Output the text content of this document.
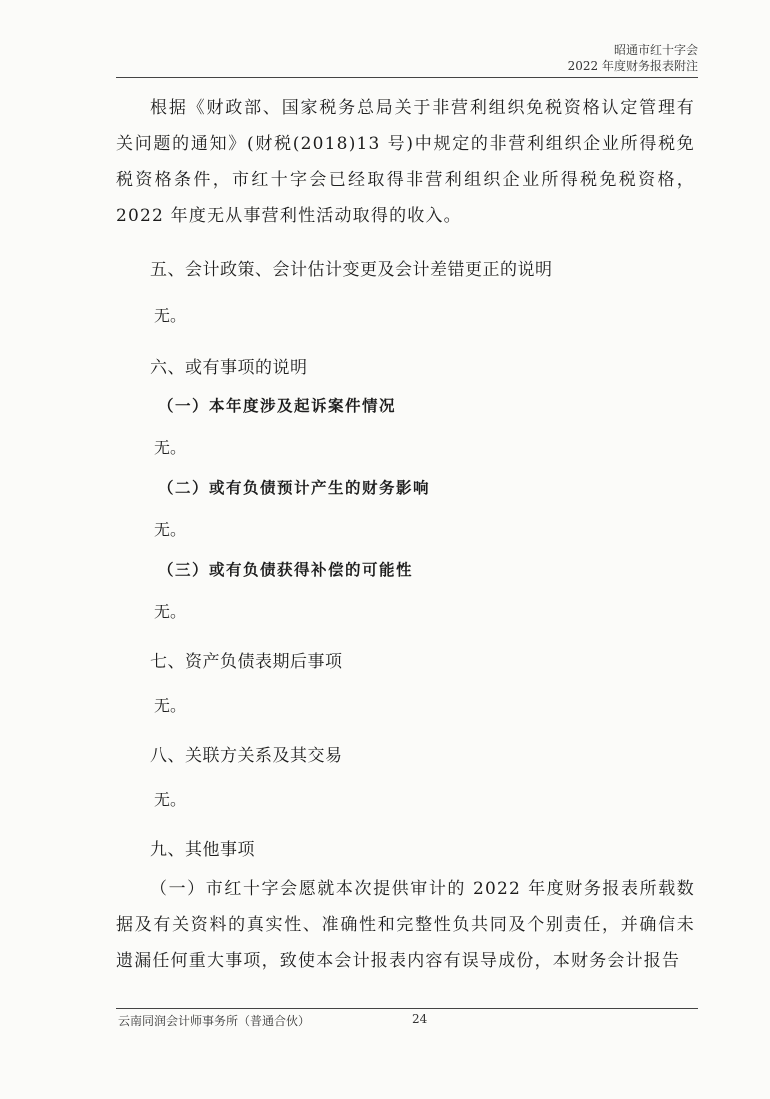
昭通市红十字会
2022 年度财务报表附注

根据《财政部、国家税务总局关于非营利组织免税资格认定管理有关问题的通知》(财税(2018)13 号)中规定的非营利组织企业所得税免税资格条件，市红十字会已经取得非营利组织企业所得税免税资格，2022 年度无从事营利性活动取得的收入。

五、会计政策、会计估计变更及会计差错更正的说明

无。

六、或有事项的说明

（一）本年度涉及起诉案件情况

无。

（二）或有负债预计产生的财务影响

无。

（三）或有负债获得补偿的可能性

无。

七、资产负债表期后事项

无。

八、关联方关系及其交易

无。

九、其他事项

（一）市红十字会愿就本次提供审计的 2022 年度财务报表所载数据及有关资料的真实性、准确性和完整性负共同及个别责任，并确信未遗漏任何重大事项，致使本会计报表内容有误导成份，本财务会计报告

云南同润会计师事务所（普通合伙）	24
